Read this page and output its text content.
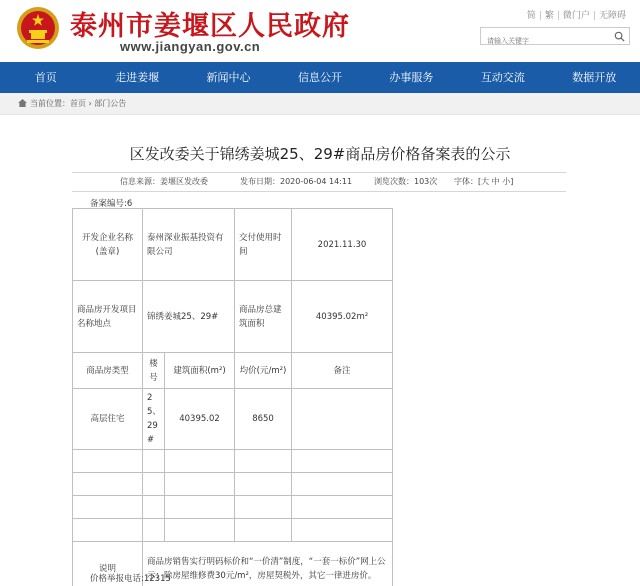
泰州市姜堰区人民政府
www.jiangyan.gov.cn
简 | 繁 | 微门户 | 无障碍
请输入关键字
首页	走进姜堰	新闻中心	信息公开	办事服务	互动交流	数据开放
当前位置：首页 › 部门公告
区发改委关于锦绣姜城25、29#商品房价格备案表的公示
信息来源：姜堰区发改委	发布日期：2020-06-04 14:11	浏览次数：103次 字体：[大 中 小]
备案编号:6
开发企业名称(盖章)	泰州深业振基投资有限公司		交付使用时间	2021.11.30
商品房开发项目名称地点	锦绣姜城25、29#		商品房总建筑面积	40395.02m²
商品房类型	楼号	建筑面积(m²)	均价(元/m²)	备注
高层住宅	25、29#	40395.02	8650	

说明	商品房销售实行明码标价和“一价清”制度，“一套一标价”网上公示；除房屋维修费30元/m²，房屋契税外，其它一律进房价。			
价格举报电话:12315
